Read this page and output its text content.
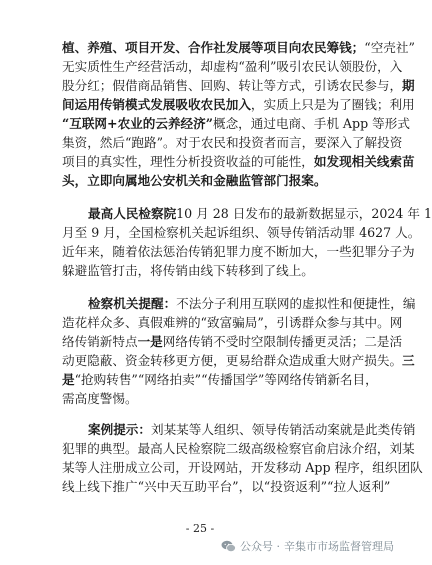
植、养殖、项目开发、合作社发展等项目向农民筹钱；“空壳社”
无实质性生产经营活动，却虚构“盈利”吸引农民认领股份，入
股分红；假借商品销售、回购、转让等方式，引诱农民参与，期
间运用传销模式发展吸收农民加入，实质上只是为了圈钱；利用
“互联网+农业的云养经济”概念，通过电商、手机 App 等形式
集资，然后“跑路”。对于农民和投资者而言，要深入了解投资
项目的真实性，理性分析投资收益的可能性，如发现相关线索苗
头，立即向属地公安机关和金融监管部门报案。
最高人民检察院10 月 28 日发布的最新数据显示，2024 年 1
月至 9 月，全国检察机关起诉组织、领导传销活动罪 4627 人。
近年来，随着依法惩治传销犯罪力度不断加大，一些犯罪分子为
躲避监管打击，将传销由线下转移到了线上。
检察机关提醒：不法分子利用互联网的虚拟性和便捷性，编
造花样众多、真假难辨的“致富骗局”，引诱群众参与其中。网
络传销新特点一是网络传销不受时空限制传播更灵活；二是活
动更隐蔽、资金转移更方便，更易给群众造成重大财产损失。三
是“抢购转售”“网络拍卖”“传播国学”等网络传销新名目，
需高度警惕。
案例提示：刘某某等人组织、领导传销活动案就是此类传销
犯罪的典型。最高人民检察院二级高级检察官俞启泳介绍，刘某
某等人注册成立公司，开设网站，开发移动 App 程序，组织团队
线上线下推广“兴中天互助平台”，以“投资返利”“拉人返利”
- 25 -
公众号 · 辛集市市场监督管理局
